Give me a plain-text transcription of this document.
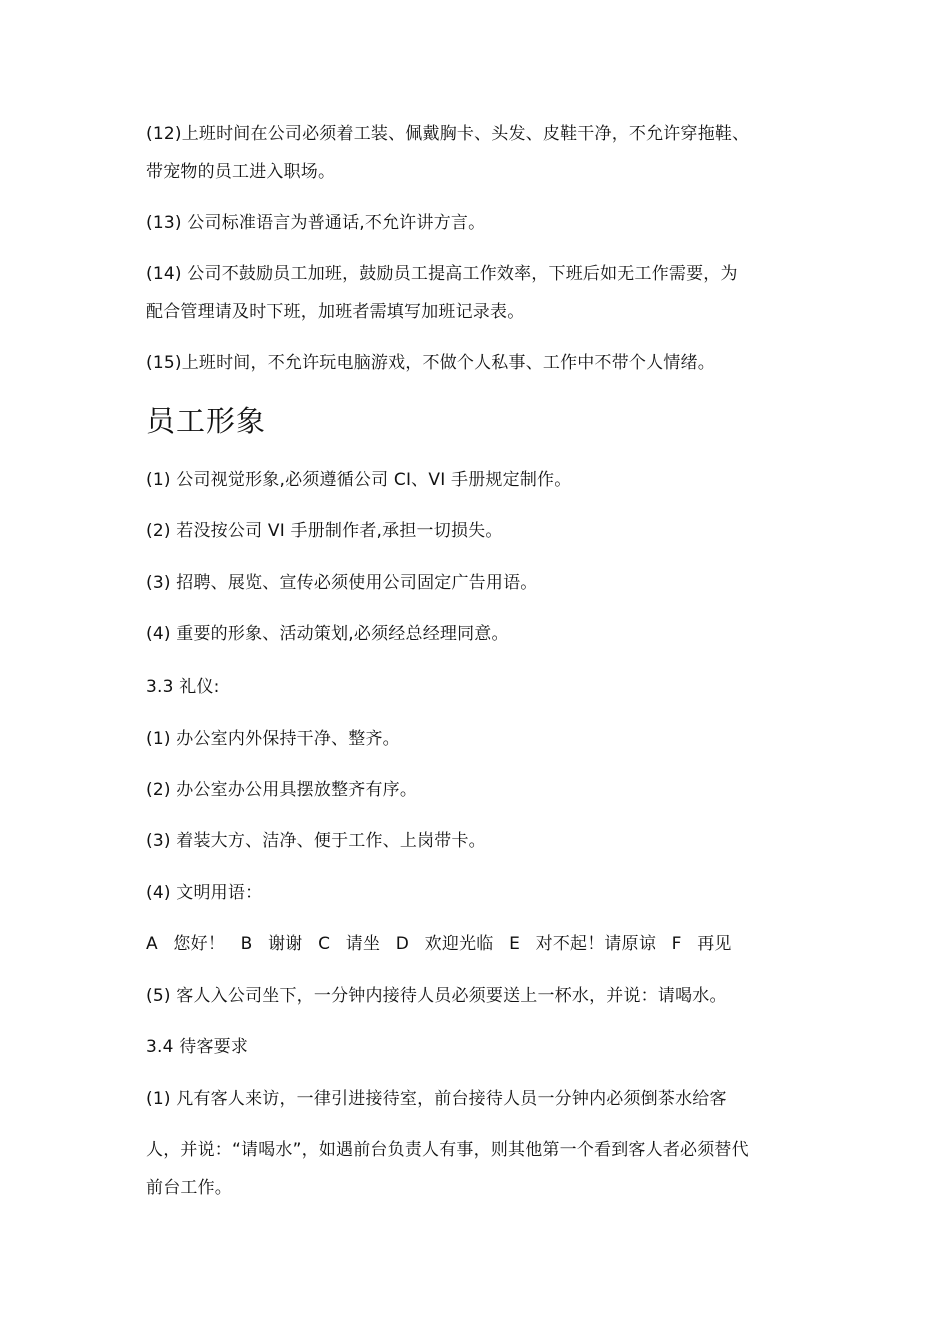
(12)上班时间在公司必须着工装、佩戴胸卡、头发、皮鞋干净，不允许穿拖鞋、
带宠物的员工进入职场。
(13) 公司标准语言为普通话,不允许讲方言。
(14) 公司不鼓励员工加班，鼓励员工提高工作效率，下班后如无工作需要，为
配合管理请及时下班，加班者需填写加班记录表。
(15)上班时间，不允许玩电脑游戏，不做个人私事、工作中不带个人情绪。
员工形象
(1) 公司视觉形象,必须遵循公司 CI、VI 手册规定制作。
(2) 若没按公司 VI 手册制作者,承担一切损失。
(3) 招聘、展览、宣传必须使用公司固定广告用语。
(4) 重要的形象、活动策划,必须经总经理同意。
3.3 礼仪:
(1) 办公室内外保持干净、整齐。
(2) 办公室办公用具摆放整齐有序。
(3) 着装大方、洁净、便于工作、上岗带卡。
(4) 文明用语：
A 您好！ B 谢谢 C 请坐 D 欢迎光临 E 对不起！请原谅 F 再见
(5) 客人入公司坐下，一分钟内接待人员必须要送上一杯水，并说：请喝水。
3.4 待客要求
(1) 凡有客人来访，一律引进接待室，前台接待人员一分钟内必须倒茶水给客
人，并说：“请喝水”，如遇前台负责人有事，则其他第一个看到客人者必须替代
前台工作。
